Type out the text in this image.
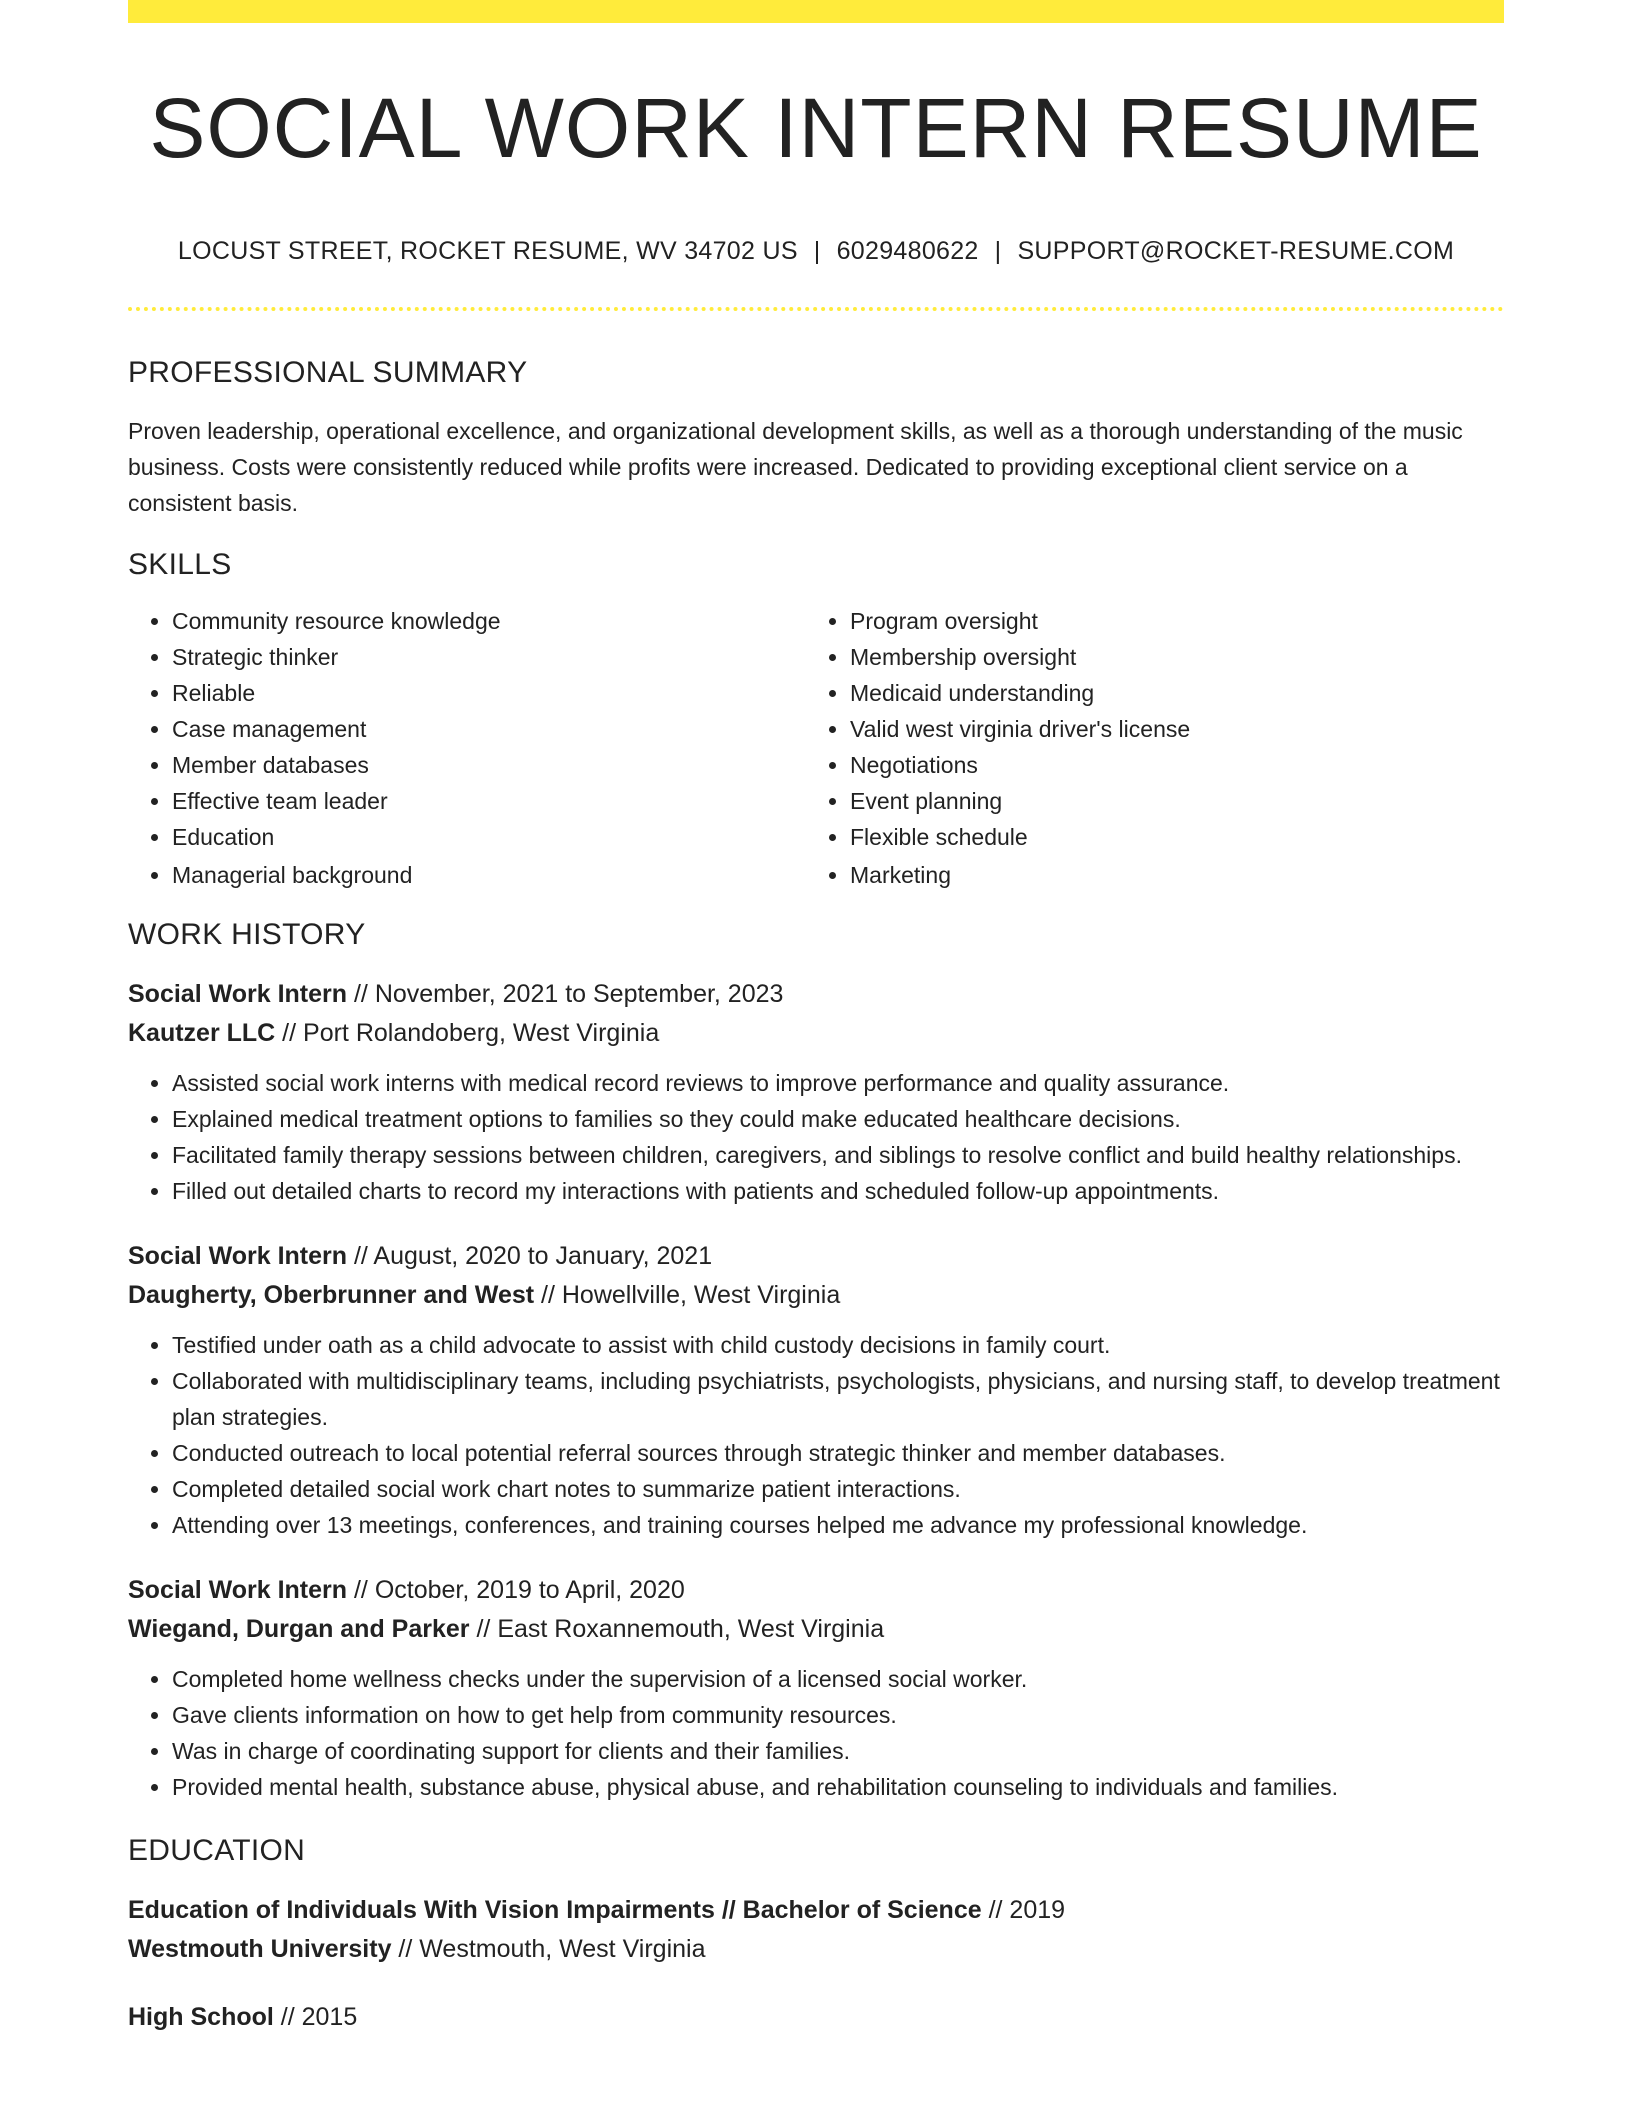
SOCIAL WORK INTERN RESUME
LOCUST STREET, ROCKET RESUME, WV 34702 US | 6029480622 | SUPPORT@ROCKET-RESUME.COM
PROFESSIONAL SUMMARY
Proven leadership, operational excellence, and organizational development skills, as well as a thorough understanding of the music business. Costs were consistently reduced while profits were increased. Dedicated to providing exceptional client service on a consistent basis.
SKILLS
• Community resource knowledge
• Strategic thinker
• Reliable
• Case management
• Member databases
• Effective team leader
• Education
• Managerial background
• Program oversight
• Membership oversight
• Medicaid understanding
• Valid west virginia driver's license
• Negotiations
• Event planning
• Flexible schedule
• Marketing
WORK HISTORY
Social Work Intern // November, 2021 to September, 2023
Kautzer LLC // Port Rolandoberg, West Virginia
• Assisted social work interns with medical record reviews to improve performance and quality assurance.
• Explained medical treatment options to families so they could make educated healthcare decisions.
• Facilitated family therapy sessions between children, caregivers, and siblings to resolve conflict and build healthy relationships.
• Filled out detailed charts to record my interactions with patients and scheduled follow-up appointments.
Social Work Intern // August, 2020 to January, 2021
Daugherty, Oberbrunner and West // Howellville, West Virginia
• Testified under oath as a child advocate to assist with child custody decisions in family court.
• Collaborated with multidisciplinary teams, including psychiatrists, psychologists, physicians, and nursing staff, to develop treatment plan strategies.
• Conducted outreach to local potential referral sources through strategic thinker and member databases.
• Completed detailed social work chart notes to summarize patient interactions.
• Attending over 13 meetings, conferences, and training courses helped me advance my professional knowledge.
Social Work Intern // October, 2019 to April, 2020
Wiegand, Durgan and Parker // East Roxannemouth, West Virginia
• Completed home wellness checks under the supervision of a licensed social worker.
• Gave clients information on how to get help from community resources.
• Was in charge of coordinating support for clients and their families.
• Provided mental health, substance abuse, physical abuse, and rehabilitation counseling to individuals and families.
EDUCATION
Education of Individuals With Vision Impairments // Bachelor of Science // 2019
Westmouth University // Westmouth, West Virginia
High School // 2015
